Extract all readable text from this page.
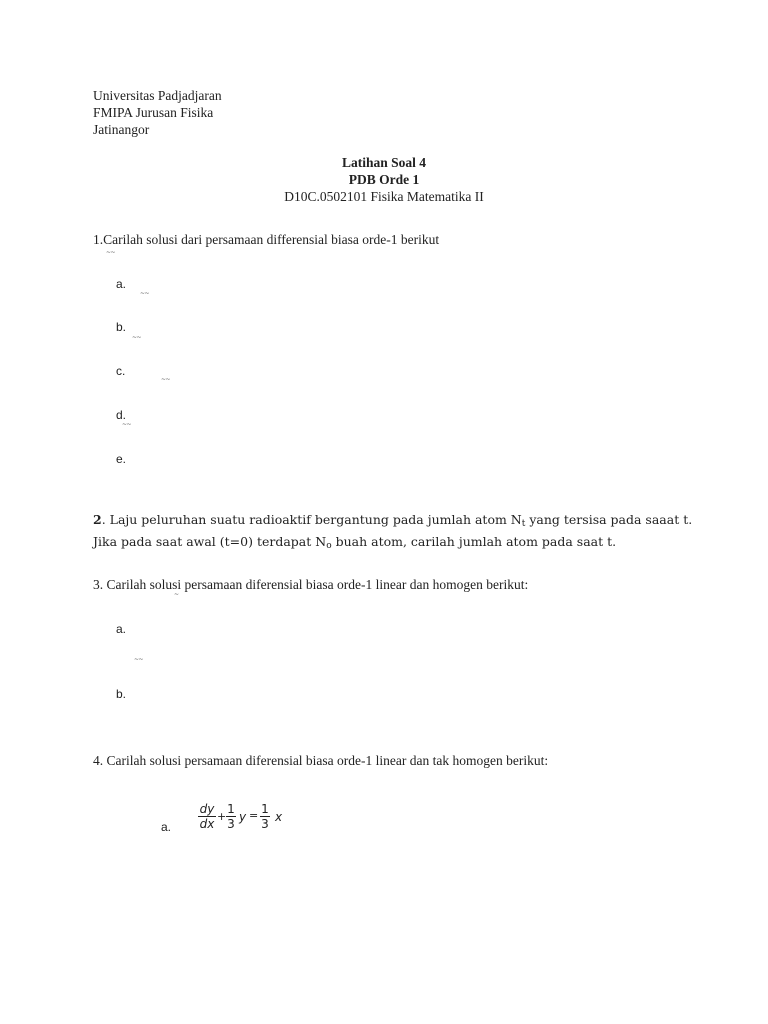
Universitas Padjadjaran
FMIPA Jurusan Fisika
Jatinangor
Latihan Soal 4
PDB Orde 1
D10C.0502101 Fisika Matematika II
1.Carilah solusi dari persamaan differensial biasa orde-1 berikut
~~
a.
~~
b.
~~
c.
~~
d.
~~
e.
2. Laju peluruhan suatu radioaktif bergantung pada jumlah atom $N_t$ yang tersisa pada saaat t.
Jika pada saat awal (t=0) terdapat $N_o$ buah atom, carilah jumlah atom pada saat t.
3. Carilah solusi persamaan diferensial biasa orde-1 linear dan homogen berikut:
~
a.
~~
b.
4. Carilah solusi persamaan diferensial biasa orde-1 linear dan tak homogen berikut:
a. $\frac{dy}{dx} + \frac{1}{3}$ $y = \frac{1}{3}$ x
